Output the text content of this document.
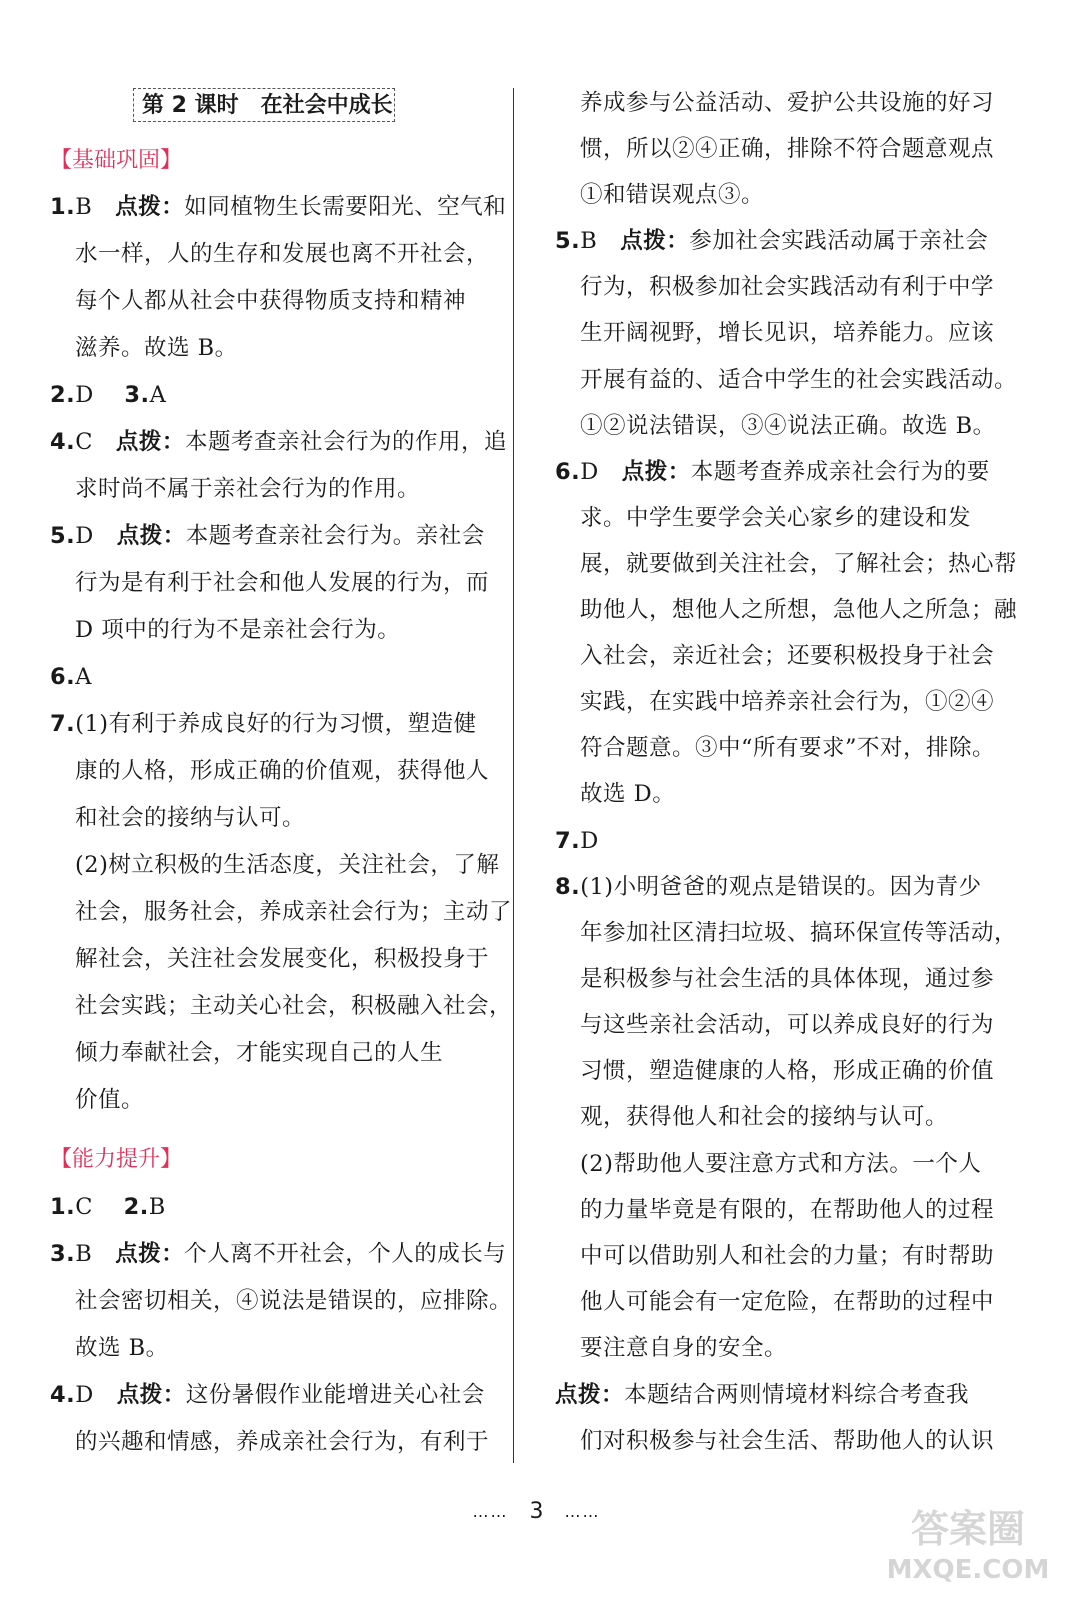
第 2 课时　在社会中成长
【基础巩固】
【能力提升】
1.B　点拨：如同植物生长需要阳光、空气和
水一样，人的生存和发展也离不开社会，
每个人都从社会中获得物质支持和精神
滋养。故选 B。
2.D　 3.A
4.C　点拨：本题考查亲社会行为的作用，追
求时尚不属于亲社会行为的作用。
5.D　点拨：本题考查亲社会行为。亲社会
行为是有利于社会和他人发展的行为，而
D 项中的行为不是亲社会行为。
6.A
7.(1)有利于养成良好的行为习惯，塑造健
康的人格，形成正确的价值观，获得他人
和社会的接纳与认可。
(2)树立积极的生活态度，关注社会，了解
社会，服务社会，养成亲社会行为；主动了
解社会，关注社会发展变化，积极投身于
社会实践；主动关心社会，积极融入社会，
倾力奉献社会，才能实现自己的人生
价值。
1.C　 2.B
3.B　点拨：个人离不开社会，个人的成长与
社会密切相关，④说法是错误的，应排除。
故选 B。
4.D　点拨：这份暑假作业能增进关心社会
的兴趣和情感，养成亲社会行为，有利于
养成参与公益活动、爱护公共设施的好习
惯，所以②④正确，排除不符合题意观点
①和错误观点③。
5.B　点拨：参加社会实践活动属于亲社会
行为，积极参加社会实践活动有利于中学
生开阔视野，增长见识，培养能力。应该
开展有益的、适合中学生的社会实践活动。
①②说法错误，③④说法正确。故选 B。
6.D　点拨：本题考查养成亲社会行为的要
求。中学生要学会关心家乡的建设和发
展，就要做到关注社会，了解社会；热心帮
助他人，想他人之所想，急他人之所急；融
入社会，亲近社会；还要积极投身于社会
实践，在实践中培养亲社会行为，①②④
符合题意。③中“所有要求”不对，排除。
故选 D。
7.D
8.(1)小明爸爸的观点是错误的。因为青少
年参加社区清扫垃圾、搞环保宣传等活动，
是积极参与社会生活的具体体现，通过参
与这些亲社会活动，可以养成良好的行为
习惯，塑造健康的人格，形成正确的价值
观，获得他人和社会的接纳与认可。
(2)帮助他人要注意方式和方法。一个人
的力量毕竟是有限的，在帮助他人的过程
中可以借助别人和社会的力量；有时帮助
他人可能会有一定危险，在帮助的过程中
要注意自身的安全。
点拨：本题结合两则情境材料综合考查我
们对积极参与社会生活、帮助他人的认识
…… 3 ……	答案圈
MXQE.COM
